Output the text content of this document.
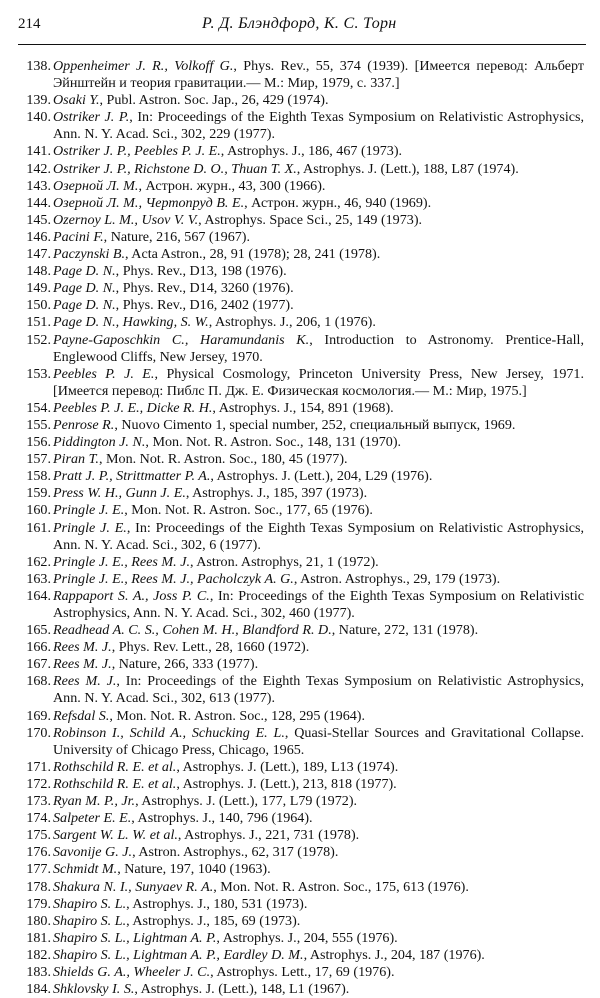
214	Р. Д. Блэндфорд, К. С. Торн
138. Oppenheimer J. R., Volkoff G., Phys. Rev., 55, 374 (1939). [Имеется перевод: Альберт Эйнштейн и теория гравитации.— М.: Мир, 1979, с. 337.]
139. Osaki Y., Publ. Astron. Soc. Jap., 26, 429 (1974).
140. Ostriker J. P., In: Proceedings of the Eighth Texas Symposium on Relativistic Astrophysics, Ann. N. Y. Acad. Sci., 302, 229 (1977).
141. Ostriker J. P., Peebles P. J. E., Astrophys. J., 186, 467 (1973).
142. Ostriker J. P., Richstone D. O., Thuan T. X., Astrophys. J. (Lett.), 188, L87 (1974).
143. Озерной Л. М., Астрон. журн., 43, 300 (1966).
144. Озерной Л. М., Чертопруд В. Е., Астрон. журн., 46, 940 (1969).
145. Ozernoy L. M., Usov V. V., Astrophys. Space Sci., 25, 149 (1973).
146. Pacini F., Nature, 216, 567 (1967).
147. Paczynski B., Acta Astron., 28, 91 (1978); 28, 241 (1978).
148. Page D. N., Phys. Rev., D13, 198 (1976).
149. Page D. N., Phys. Rev., D14, 3260 (1976).
150. Page D. N., Phys. Rev., D16, 2402 (1977).
151. Page D. N., Hawking, S. W., Astrophys. J., 206, 1 (1976).
152. Payne-Gaposchkin C., Haramundanis K., Introduction to Astronomy. Prentice-Hall, Englewood Cliffs, New Jersey, 1970.
153. Peebles P. J. E., Physical Cosmology, Princeton University Press, New Jersey, 1971. [Имеется перевод: Пиблс П. Дж. Е. Физическая космология.— М.: Мир, 1975.]
154. Peebles P. J. E., Dicke R. H., Astrophys. J., 154, 891 (1968).
155. Penrose R., Nuovo Cimento 1, special number, 252, специальный выпуск, 1969.
156. Piddington J. N., Mon. Not. R. Astron. Soc., 148, 131 (1970).
157. Piran T., Mon. Not. R. Astron. Soc., 180, 45 (1977).
158. Pratt J. P., Strittmatter P. A., Astrophys. J. (Lett.), 204, L29 (1976).
159. Press W. H., Gunn J. E., Astrophys. J., 185, 397 (1973).
160. Pringle J. E., Mon. Not. R. Astron. Soc., 177, 65 (1976).
161. Pringle J. E., In: Proceedings of the Eighth Texas Symposium on Relativistic Astrophysics, Ann. N. Y. Acad. Sci., 302, 6 (1977).
162. Pringle J. E., Rees M. J., Astron. Astrophys, 21, 1 (1972).
163. Pringle J. E., Rees M. J., Pacholczyk A. G., Astron. Astrophys., 29, 179 (1973).
164. Rappaport S. A., Joss P. C., In: Proceedings of the Eighth Texas Symposium on Relativistic Astrophysics, Ann. N. Y. Acad. Sci., 302, 460 (1977).
165. Readhead A. C. S., Cohen M. H., Blandford R. D., Nature, 272, 131 (1978).
166. Rees M. J., Phys. Rev. Lett., 28, 1660 (1972).
167. Rees M. J., Nature, 266, 333 (1977).
168. Rees M. J., In: Proceedings of the Eighth Texas Symposium on Relativistic Astrophysics, Ann. N. Y. Acad. Sci., 302, 613 (1977).
169. Refsdal S., Mon. Not. R. Astron. Soc., 128, 295 (1964).
170. Robinson I., Schild A., Schucking E. L., Quasi-Stellar Sources and Gravitational Collapse. University of Chicago Press, Chicago, 1965.
171. Rothschild R. E. et al., Astrophys. J. (Lett.), 189, L13 (1974).
172. Rothschild R. E. et al., Astrophys. J. (Lett.), 213, 818 (1977).
173. Ryan M. P., Jr., Astrophys. J. (Lett.), 177, L79 (1972).
174. Salpeter E. E., Astrophys. J., 140, 796 (1964).
175. Sargent W. L. W. et al., Astrophys. J., 221, 731 (1978).
176. Savonije G. J., Astron. Astrophys., 62, 317 (1978).
177. Schmidt M., Nature, 197, 1040 (1963).
178. Shakura N. I., Sunyaev R. A., Mon. Not. R. Astron. Soc., 175, 613 (1976).
179. Shapiro S. L., Astrophys. J., 180, 531 (1973).
180. Shapiro S. L., Astrophys. J., 185, 69 (1973).
181. Shapiro S. L., Lightman A. P., Astrophys. J., 204, 555 (1976).
182. Shapiro S. L., Lightman A. P., Eardley D. M., Astrophys. J., 204, 187 (1976).
183. Shields G. A., Wheeler J. C., Astrophys. Lett., 17, 69 (1976).
184. Shklovsky I. S., Astrophys. J. (Lett.), 148, L1 (1967).
